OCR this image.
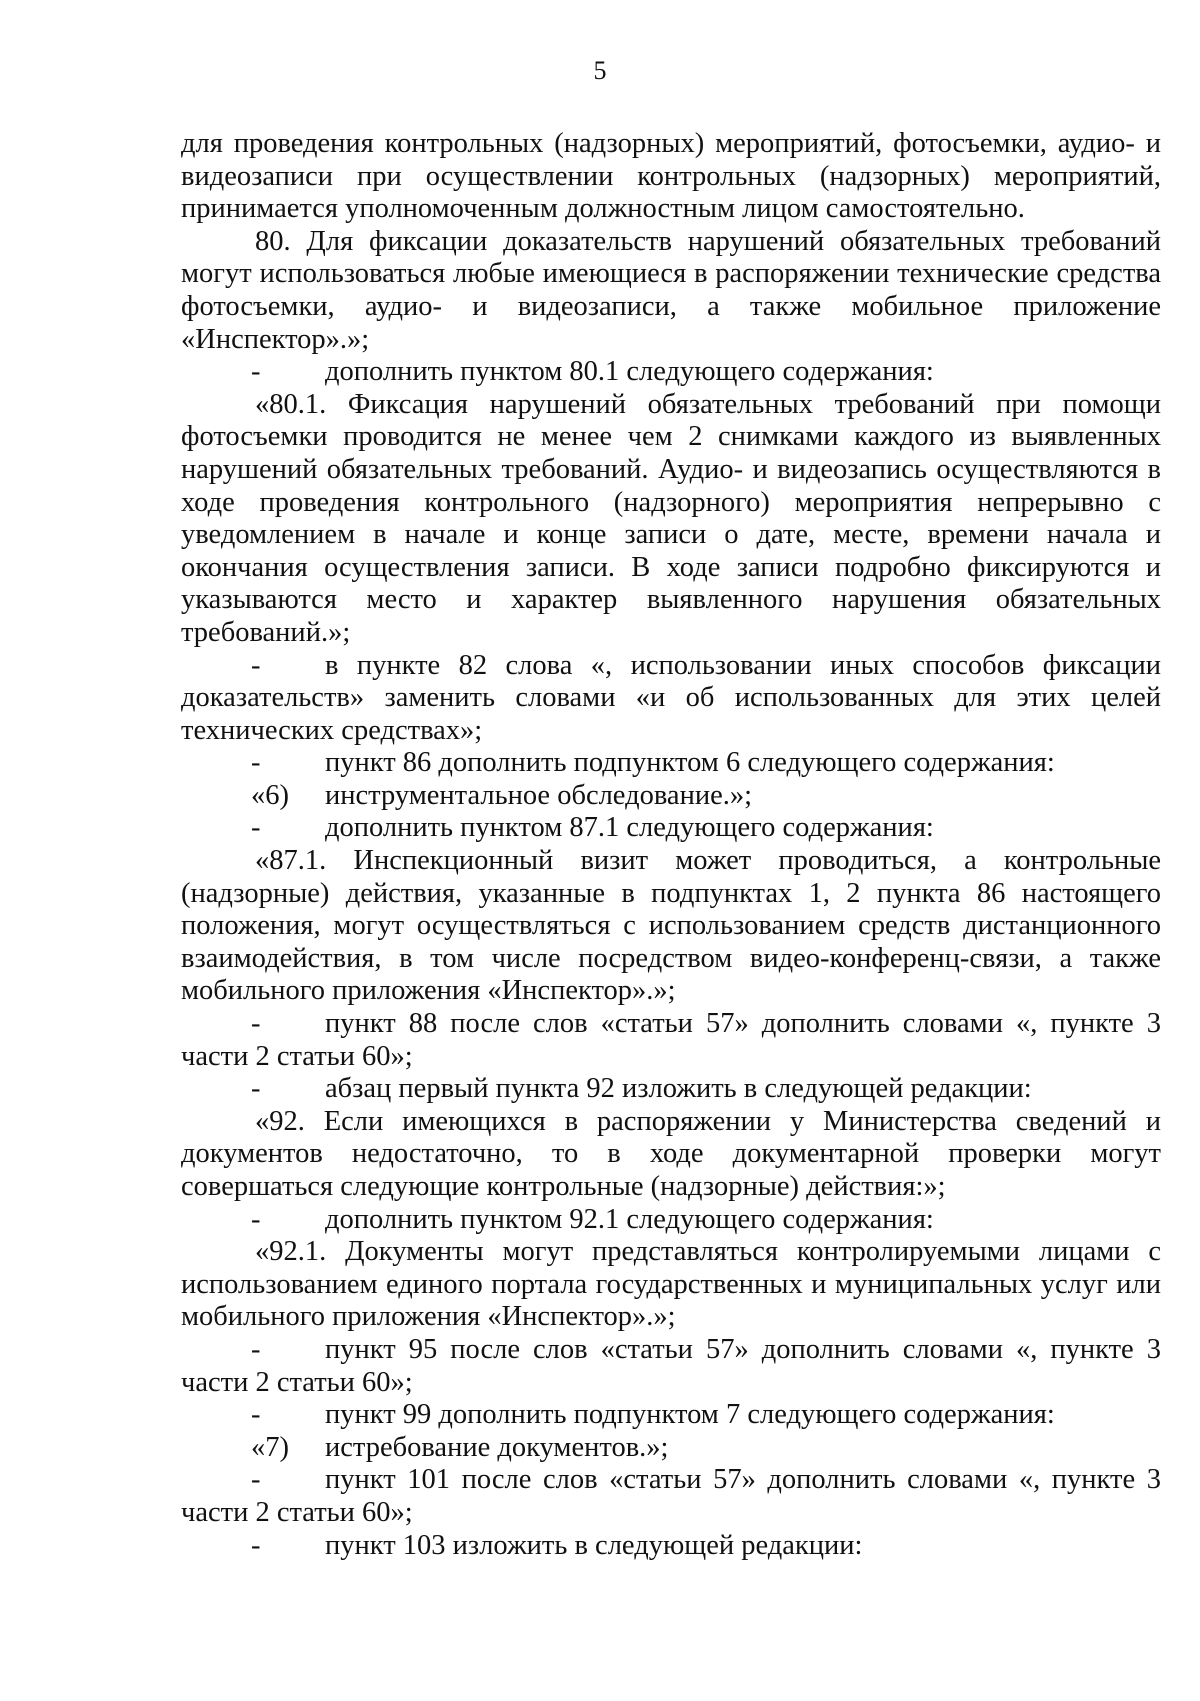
5

для проведения контрольных (надзорных) мероприятий, фотосъемки, аудио- и видеозаписи при осуществлении контрольных (надзорных) мероприятий, принимается уполномоченным должностным лицом самостоятельно.

80. Для фиксации доказательств нарушений обязательных требований могут использоваться любые имеющиеся в распоряжении технические средства фотосъемки, аудио- и видеозаписи, а также мобильное приложение «Инспектор».»;

- дополнить пунктом 80.1 следующего содержания:

«80.1. Фиксация нарушений обязательных требований при помощи фотосъемки проводится не менее чем 2 снимками каждого из выявленных нарушений обязательных требований. Аудио- и видеозапись осуществляются в ходе проведения контрольного (надзорного) мероприятия непрерывно с уведомлением в начале и конце записи о дате, месте, времени начала и окончания осуществления записи. В ходе записи подробно фиксируются и указываются место и характер выявленного нарушения обязательных требований.»;

- в пункте 82 слова «, использовании иных способов фиксации доказательств» заменить словами «и об использованных для этих целей технических средствах»;

- пункт 86 дополнить подпунктом 6 следующего содержания:

«6) инструментальное обследование.»;

- дополнить пунктом 87.1 следующего содержания:

«87.1. Инспекционный визит может проводиться, а контрольные (надзорные) действия, указанные в подпунктах 1, 2 пункта 86 настоящего положения, могут осуществляться с использованием средств дистанционного взаимодействия, в том числе посредством видео-конференц-связи, а также мобильного приложения «Инспектор».»;

- пункт 88 после слов «статьи 57» дополнить словами «, пункте 3 части 2 статьи 60»;

- абзац первый пункта 92 изложить в следующей редакции:

«92. Если имеющихся в распоряжении у Министерства сведений и документов недостаточно, то в ходе документарной проверки могут совершаться следующие контрольные (надзорные) действия:»;

- дополнить пунктом 92.1 следующего содержания:

«92.1. Документы могут представляться контролируемыми лицами с использованием единого портала государственных и муниципальных услуг или мобильного приложения «Инспектор».»;

- пункт 95 после слов «статьи 57» дополнить словами «, пункте 3 части 2 статьи 60»;

- пункт 99 дополнить подпунктом 7 следующего содержания:

«7) истребование документов.»;

- пункт 101 после слов «статьи 57» дополнить словами «, пункте 3 части 2 статьи 60»;

- пункт 103 изложить в следующей редакции:
